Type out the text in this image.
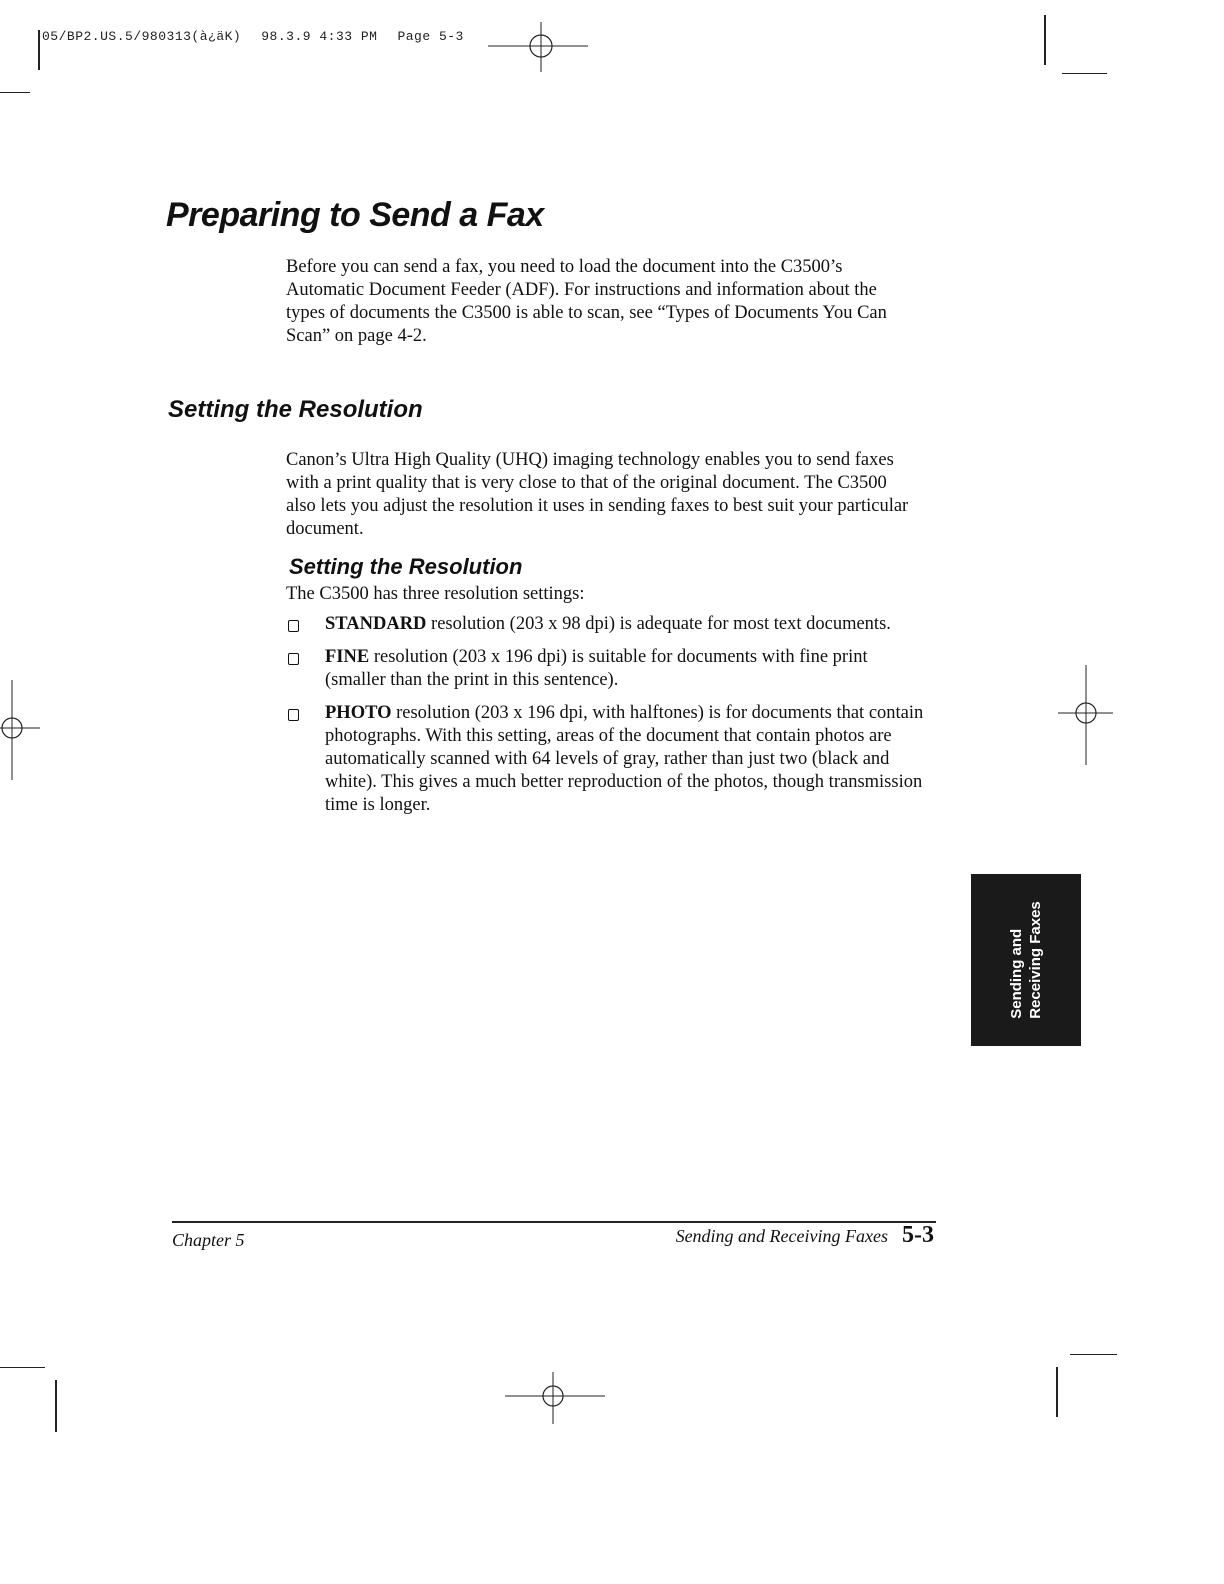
05/BP2.US.5/980313(à¿äK) 98.3.9 4:33 PM Page 5-3
Preparing to Send a Fax

Before you can send a fax, you need to load the document into the C3500’s Automatic Document Feeder (ADF). For instructions and information about the types of documents the C3500 is able to scan, see “Types of Documents You Can Scan” on page 4-2.

Setting the Resolution

Canon’s Ultra High Quality (UHQ) imaging technology enables you to send faxes with a print quality that is very close to that of the original document. The C3500 also lets you adjust the resolution it uses in sending faxes to best suit your particular document.

Setting the Resolution

The C3500 has three resolution settings:

STANDARD resolution (203 x 98 dpi) is adequate for most text documents.
FINE resolution (203 x 196 dpi) is suitable for documents with fine print (smaller than the print in this sentence).
PHOTO resolution (203 x 196 dpi, with halftones) is for documents that contain photographs. With this setting, areas of the document that contain photos are automatically scanned with 64 levels of gray, rather than just two (black and white). This gives a much better reproduction of the photos, though transmission time is longer.
Sending and Receiving Faxes
Chapter 5	Sending and Receiving Faxes 5-3
